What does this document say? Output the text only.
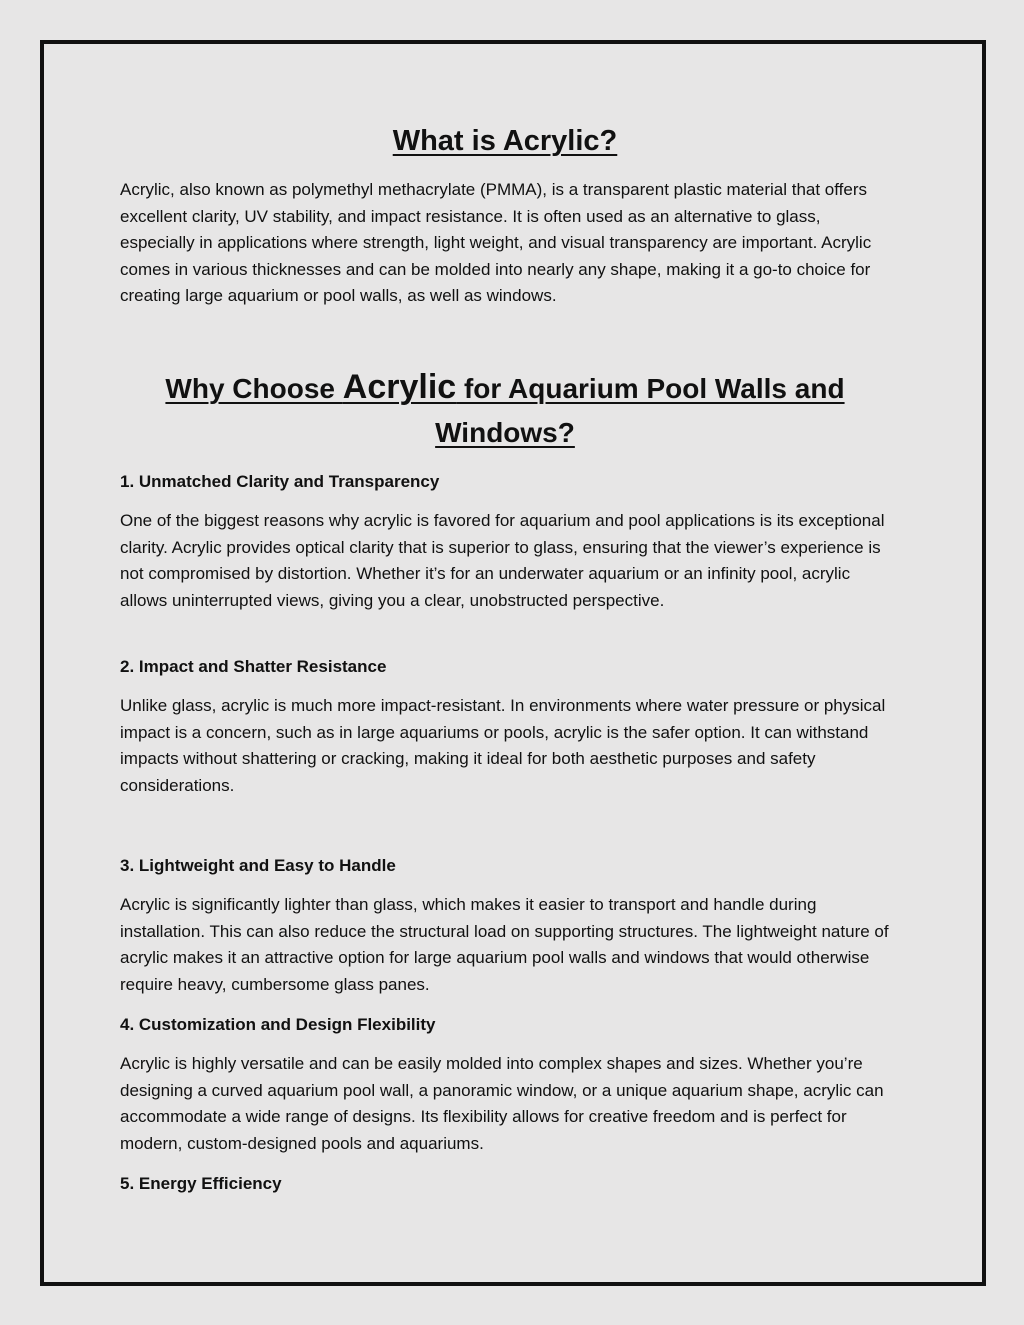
What is Acrylic?

Acrylic, also known as polymethyl methacrylate (PMMA), is a transparent plastic material that offers excellent clarity, UV stability, and impact resistance. It is often used as an alternative to glass, especially in applications where strength, light weight, and visual transparency are important. Acrylic comes in various thicknesses and can be molded into nearly any shape, making it a go-to choice for creating large aquarium or pool walls, as well as windows.

Why Choose Acrylic for Aquarium Pool Walls and Windows?
1. Unmatched Clarity and Transparency

One of the biggest reasons why acrylic is favored for aquarium and pool applications is its exceptional clarity. Acrylic provides optical clarity that is superior to glass, ensuring that the viewer’s experience is not compromised by distortion. Whether it’s for an underwater aquarium or an infinity pool, acrylic allows uninterrupted views, giving you a clear, unobstructed perspective.

2. Impact and Shatter Resistance

Unlike glass, acrylic is much more impact-resistant. In environments where water pressure or physical impact is a concern, such as in large aquariums or pools, acrylic is the safer option. It can withstand impacts without shattering or cracking, making it ideal for both aesthetic purposes and safety considerations.

3. Lightweight and Easy to Handle

Acrylic is significantly lighter than glass, which makes it easier to transport and handle during installation. This can also reduce the structural load on supporting structures. The lightweight nature of acrylic makes it an attractive option for large aquarium pool walls and windows that would otherwise require heavy, cumbersome glass panes.

4. Customization and Design Flexibility

Acrylic is highly versatile and can be easily molded into complex shapes and sizes. Whether you’re designing a curved aquarium pool wall, a panoramic window, or a unique aquarium shape, acrylic can accommodate a wide range of designs. Its flexibility allows for creative freedom and is perfect for modern, custom-designed pools and aquariums.

5. Energy Efficiency
